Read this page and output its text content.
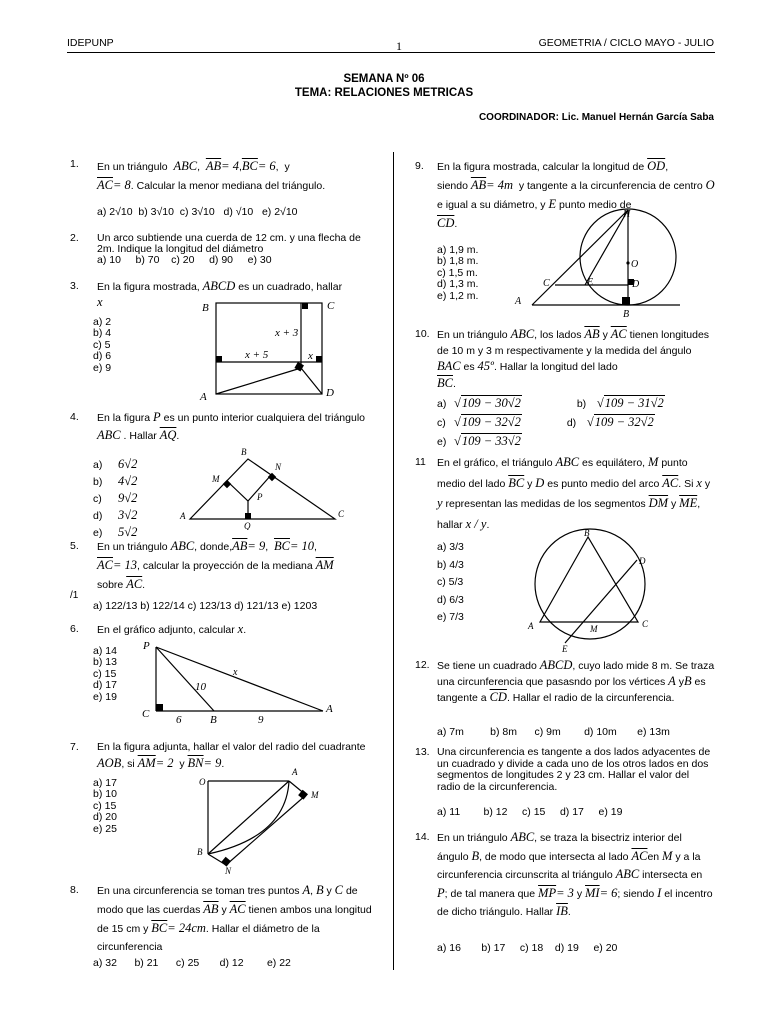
IDEPUNP	1	GEOMETRIA / CICLO MAYO - JULIO
SEMANA Nº 06
TEMA: RELACIONES METRICAS
COORDINADOR: Lic. Manuel Hernán García Saba
1. En un triángulo ABC,  $\overline{AB}= 4,\overline{BC}= 6$,  y
$\overline{AC}= 8$. Calcular la menor mediana del triángulo.
a) 2√10 b) 3√10 c) 3√10 d) √10 e) 2√10
2. Un arco subtiende una cuerda de 12 cm. y una flecha de 2m. Indique la longitud del diámetro
a) 10 b) 70 c) 20 d) 90 e) 30
3. En la figura mostrada, ABCD es un cuadrado, hallar
x
a) 2
b) 4
c) 5
d) 6
e) 9
B	C
A	D
x + 3
x + 5	x
4. En la figura P es un punto interior cualquiera del triángulo ABC . Hallar $\overline{AQ}$.
a) 6√2
b) 4√2
c) 9√2
d) 3√2
e) 5√2
B
N
M
P
A
Q
C
5. En un triángulo ABC, $donde,\overline{AB}= 9$,  $\overline{BC}= 10$,
$\overline{AC}= 13$, calcular la proyección de la mediana $\overline{AM}$
sobre $\overline{AC}$.
/1
a) 122/13 b) 122/14 c) 123/13 d) 121/13 e) 1203
6. En el gráfico adjunto, calcular x.
a) 14
b) 13
c) 15
d) 17
e) 19
P
x
10
C 6	B	9
A
7. En la figura adjunta, hallar el valor del radio del cuadrante AOB, si $\overline{AM}= 2$ y $\overline{BN}= 9$.
a) 17
b) 10
c) 15
d) 20
e) 25
O
A
M
B
N
8. En una circunferencia se toman tres puntos A, B y C de modo que las cuerdas $\overline{AB}$ y $\overline{AC}$ tienen ambos una longitud de 15 cm y $\overline{BC}= 24cm$. Hallar el diámetro de la circunferencia
a) 32 b) 21 c) 25 d) 12 e) 22
9. En la figura mostrada, calcular la longitud de $\overline{OD}$,
siendo $\overline{AB}= 4m$ y tangente a la circunferencia de centro O e igual a su diámetro, y E punto medio de
$\overline{CD}$.
a) 1,9 m.
b) 1,8 m.
c) 1,5 m.
d) 1,3 m.
e) 1,2 m.
H
O
C	E	D
A
B
10. En un triángulo ABC, los lados $\overline{AB}$ y $\overline{AC}$ tienen longitudes de 10 m y 3 m respectivamente y la medida del ángulo BAC es 45º. Hallar la longitud del lado
$\overline{BC}$.
a) √109 − 30√2	b) √109 − 31√2
c) √109 − 32√2	d) √109 − 32√2
e) √109 − 33√2
11 En el gráfico, el triángulo ABC es equilátero, M punto medio del lado $\overline{BC}$ y D es punto medio del arco $\overline{AC}$. Si x y y representan las medidas de los segmentos $\overline{DM}$ y $\overline{ME}$, hallar x / y.
a) 3/3
b) 4/3
c) 5/3
d) 6/3
e) 7/3
B
D
A	M	C
E
12. Se tiene un cuadrado ABCD, cuyo lado mide 8 m. Se traza una circunferencia que pasasndo por los vértices A yB es tangente a $\overline{CD}$. Hallar el radio de la circunferencia.
a) 7m	b) 8m c) 9m d) 10m e) 13m
13. Una circunferencia es tangente a dos lados adyacentes de un cuadrado y divide a cada uno de los otros lados en dos segmentos de longitudes 2 y 23 cm. Hallar el valor del radio de la circunferencia.
a) 11 b) 12 c) 15 d) 17 e) 19
14. En un triángulo ABC, se traza la bisectriz interior del ángulo B, de modo que intersecta al lado $\overline{AC}en$ M y a la circunferencia circunscrita al triángulo ABC intersecta en P; de tal manera que $\overline{MP}= 3$ y $\overline{MI}= 6$; siendo I el incentro de dicho triángulo. Hallar $\overline{IB}$.
a) 16 b) 17 c) 18 d) 19 e) 20
